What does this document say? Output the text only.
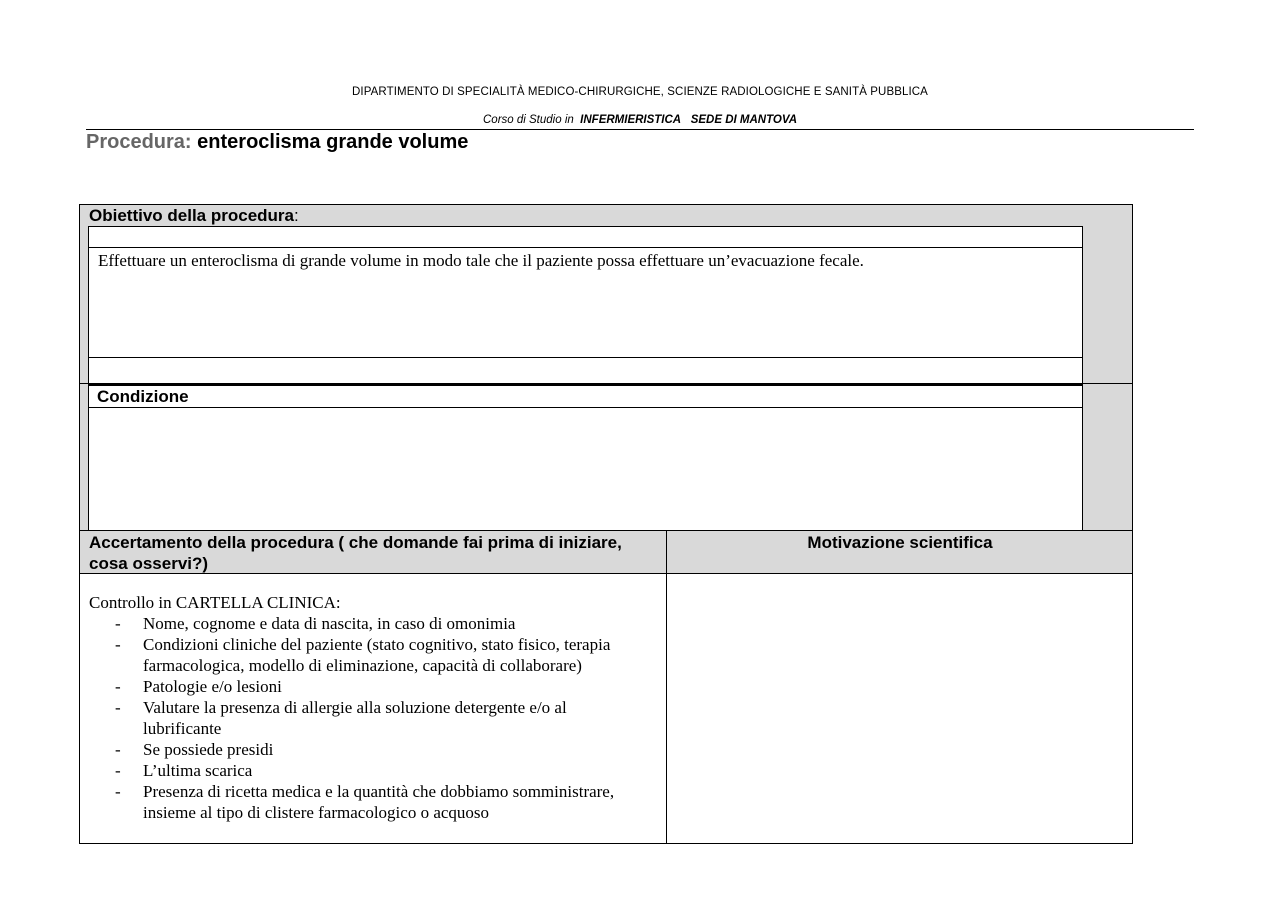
DIPARTIMENTO DI SPECIALITÀ MEDICO-CHIRURGICHE, SCIENZE RADIOLOGICHE E SANITÀ PUBBLICA
Corso di Studio in INFERMIERISTICA SEDE DI MANTOVA
Procedura: enteroclisma grande volume
Obiettivo della procedura:
Effettuare un enteroclisma di grande volume in modo tale che il paziente possa effettuare un’evacuazione fecale.
Condizione
Accertamento della procedura ( che domande fai prima di iniziare, cosa osservi?)
Motivazione scientifica
Controllo in CARTELLA CLINICA:
- Nome, cognome e data di nascita, in caso di omonimia
- Condizioni cliniche del paziente (stato cognitivo, stato fisico, terapia farmacologica, modello di eliminazione, capacità di collaborare)
- Patologie e/o lesioni
- Valutare la presenza di allergie alla soluzione detergente e/o al lubrificante
- Se possiede presidi
- L’ultima scarica
- Presenza di ricetta medica e la quantità che dobbiamo somministrare, insieme al tipo di clistere farmacologico o acquoso
